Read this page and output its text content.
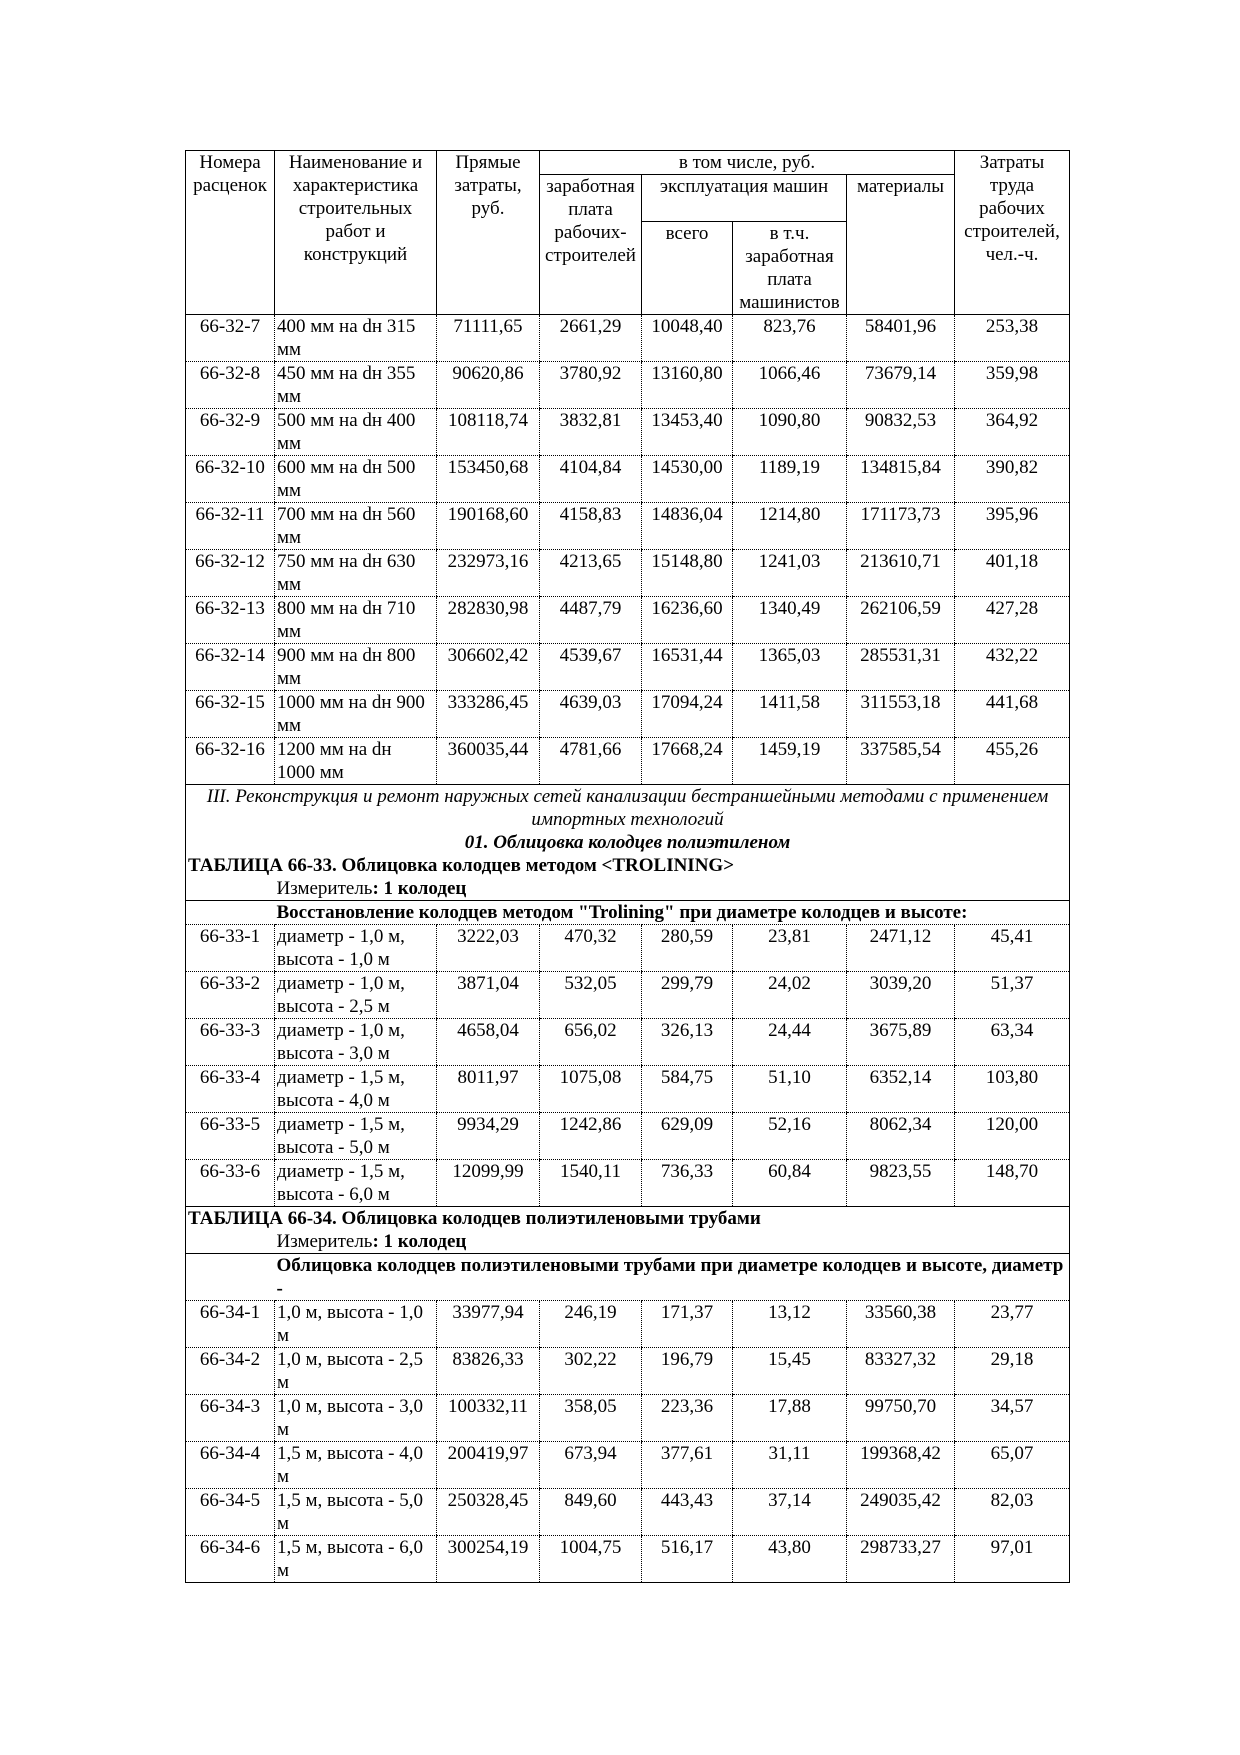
Номера расценок	Наименование и характеристика строительных работ и конструкций	Прямые затраты, руб.	в том числе, руб.				Затраты труда рабочих строителей, чел.-ч.
			заработная плата рабочих-строителей	эксплуатация машин		материалы	
				всего	в т.ч. заработная плата машинистов		
66-32-7	400 мм на dн 315 мм	71111,65	2661,29	10048,40	823,76	58401,96	253,38
66-32-8	450 мм на dн 355 мм	90620,86	3780,92	13160,80	1066,46	73679,14	359,98
66-32-9	500 мм на dн 400 мм	108118,74	3832,81	13453,40	1090,80	90832,53	364,92
66-32-10	600 мм на dн 500 мм	153450,68	4104,84	14530,00	1189,19	134815,84	390,82
66-32-11	700 мм на dн 560 мм	190168,60	4158,83	14836,04	1214,80	171173,73	395,96
66-32-12	750 мм на dн 630 мм	232973,16	4213,65	15148,80	1241,03	213610,71	401,18
66-32-13	800 мм на dн 710 мм	282830,98	4487,79	16236,60	1340,49	262106,59	427,28
66-32-14	900 мм на dн 800 мм	306602,42	4539,67	16531,44	1365,03	285531,31	432,22
66-32-15	1000 мм на dн 900 мм	333286,45	4639,03	17094,24	1411,58	311553,18	441,68
66-32-16	1200 мм на dн 1000 мм	360035,44	4781,66	17668,24	1459,19	337585,54	455,26
III. Реконструкция и ремонт наружных сетей канализации бестраншейными методами с применением импортных технологий							
01. Облицовка колодцев полиэтиленом							
ТАБЛИЦА 66-33. Облицовка колодцев методом <TROLINING>							
	Измеритель: 1 колодец						
	Восстановление колодцев методом "Trolining" при диаметре колодцев и высоте:						
66-33-1	диаметр - 1,0 м, высота - 1,0 м	3222,03	470,32	280,59	23,81	2471,12	45,41
66-33-2	диаметр - 1,0 м, высота - 2,5 м	3871,04	532,05	299,79	24,02	3039,20	51,37
66-33-3	диаметр - 1,0 м, высота - 3,0 м	4658,04	656,02	326,13	24,44	3675,89	63,34
66-33-4	диаметр - 1,5 м, высота - 4,0 м	8011,97	1075,08	584,75	51,10	6352,14	103,80
66-33-5	диаметр - 1,5 м, высота - 5,0 м	9934,29	1242,86	629,09	52,16	8062,34	120,00
66-33-6	диаметр - 1,5 м, высота - 6,0 м	12099,99	1540,11	736,33	60,84	9823,55	148,70
ТАБЛИЦА 66-34. Облицовка колодцев полиэтиленовыми трубами							
	Измеритель: 1 колодец						
	Облицовка колодцев полиэтиленовыми трубами при диаметре колодцев и высоте, диаметр -						
66-34-1	1,0 м, высота - 1,0 м	33977,94	246,19	171,37	13,12	33560,38	23,77
66-34-2	1,0 м, высота - 2,5 м	83826,33	302,22	196,79	15,45	83327,32	29,18
66-34-3	1,0 м, высота - 3,0 м	100332,11	358,05	223,36	17,88	99750,70	34,57
66-34-4	1,5 м, высота - 4,0 м	200419,97	673,94	377,61	31,11	199368,42	65,07
66-34-5	1,5 м, высота - 5,0 м	250328,45	849,60	443,43	37,14	249035,42	82,03
66-34-6	1,5 м, высота - 6,0 м	300254,19	1004,75	516,17	43,80	298733,27	97,01
